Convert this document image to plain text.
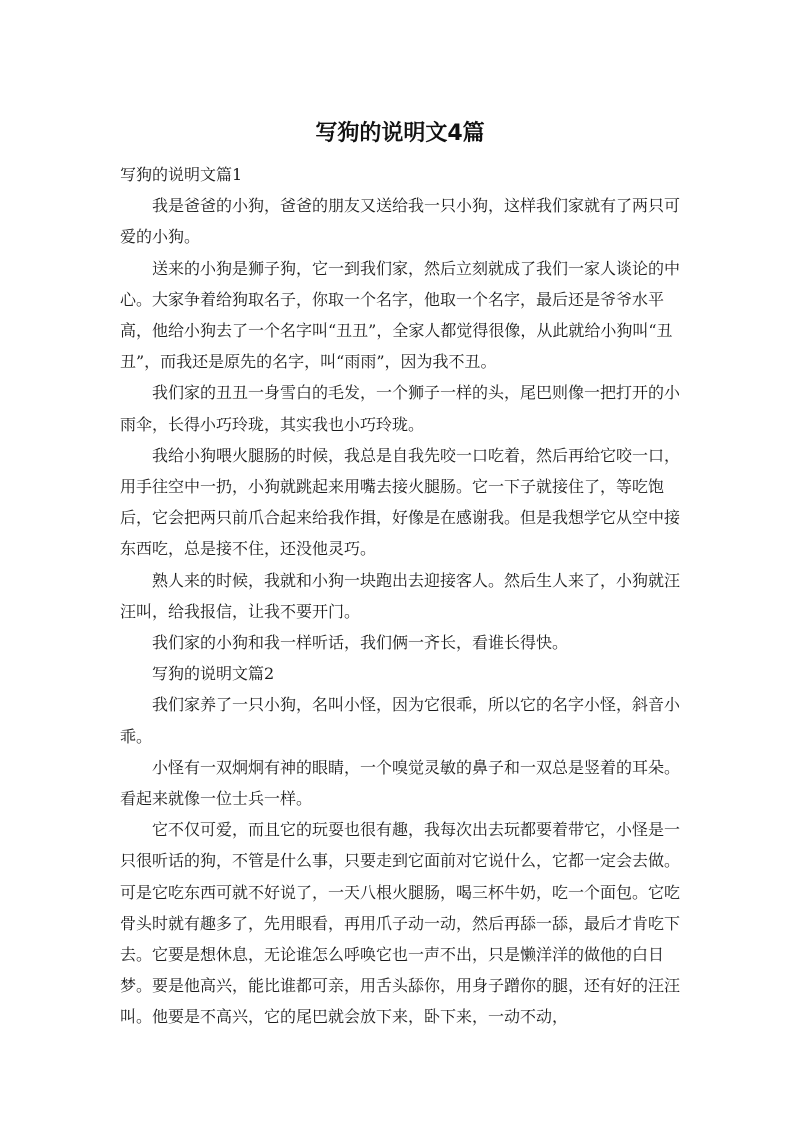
写狗的说明文4篇

写狗的说明文篇1

我是爸爸的小狗，爸爸的朋友又送给我一只小狗，这样我们家就有了两只可爱的小狗。

送来的小狗是狮子狗，它一到我们家，然后立刻就成了我们一家人谈论的中心。大家争着给狗取名子，你取一个名字，他取一个名字，最后还是爷爷水平高，他给小狗去了一个名字叫“丑丑”，全家人都觉得很像，从此就给小狗叫“丑丑”，而我还是原先的名字，叫“雨雨”，因为我不丑。

我们家的丑丑一身雪白的毛发，一个狮子一样的头，尾巴则像一把打开的小雨伞，长得小巧玲珑，其实我也小巧玲珑。

我给小狗喂火腿肠的时候，我总是自我先咬一口吃着，然后再给它咬一口，用手往空中一扔，小狗就跳起来用嘴去接火腿肠。它一下子就接住了，等吃饱后，它会把两只前爪合起来给我作揖，好像是在感谢我。但是我想学它从空中接东西吃，总是接不住，还没他灵巧。

熟人来的时候，我就和小狗一块跑出去迎接客人。然后生人来了，小狗就汪汪叫，给我报信，让我不要开门。

我们家的小狗和我一样听话，我们俩一齐长，看谁长得快。

写狗的说明文篇2

我们家养了一只小狗，名叫小怪，因为它很乖，所以它的名字小怪，斜音小乖。

小怪有一双炯炯有神的眼睛，一个嗅觉灵敏的鼻子和一双总是竖着的耳朵。看起来就像一位士兵一样。

它不仅可爱，而且它的玩耍也很有趣，我每次出去玩都要着带它，小怪是一只很听话的狗，不管是什么事，只要走到它面前对它说什么，它都一定会去做。可是它吃东西可就不好说了，一天八根火腿肠，喝三杯牛奶，吃一个面包。它吃骨头时就有趣多了，先用眼看，再用爪子动一动，然后再舔一舔，最后才肯吃下去。它要是想休息，无论谁怎么呼唤它也一声不出，只是懒洋洋的做他的白日梦。要是他高兴，能比谁都可亲，用舌头舔你，用身子蹭你的腿，还有好的汪汪叫。他要是不高兴，它的尾巴就会放下来，卧下来，一动不动，
